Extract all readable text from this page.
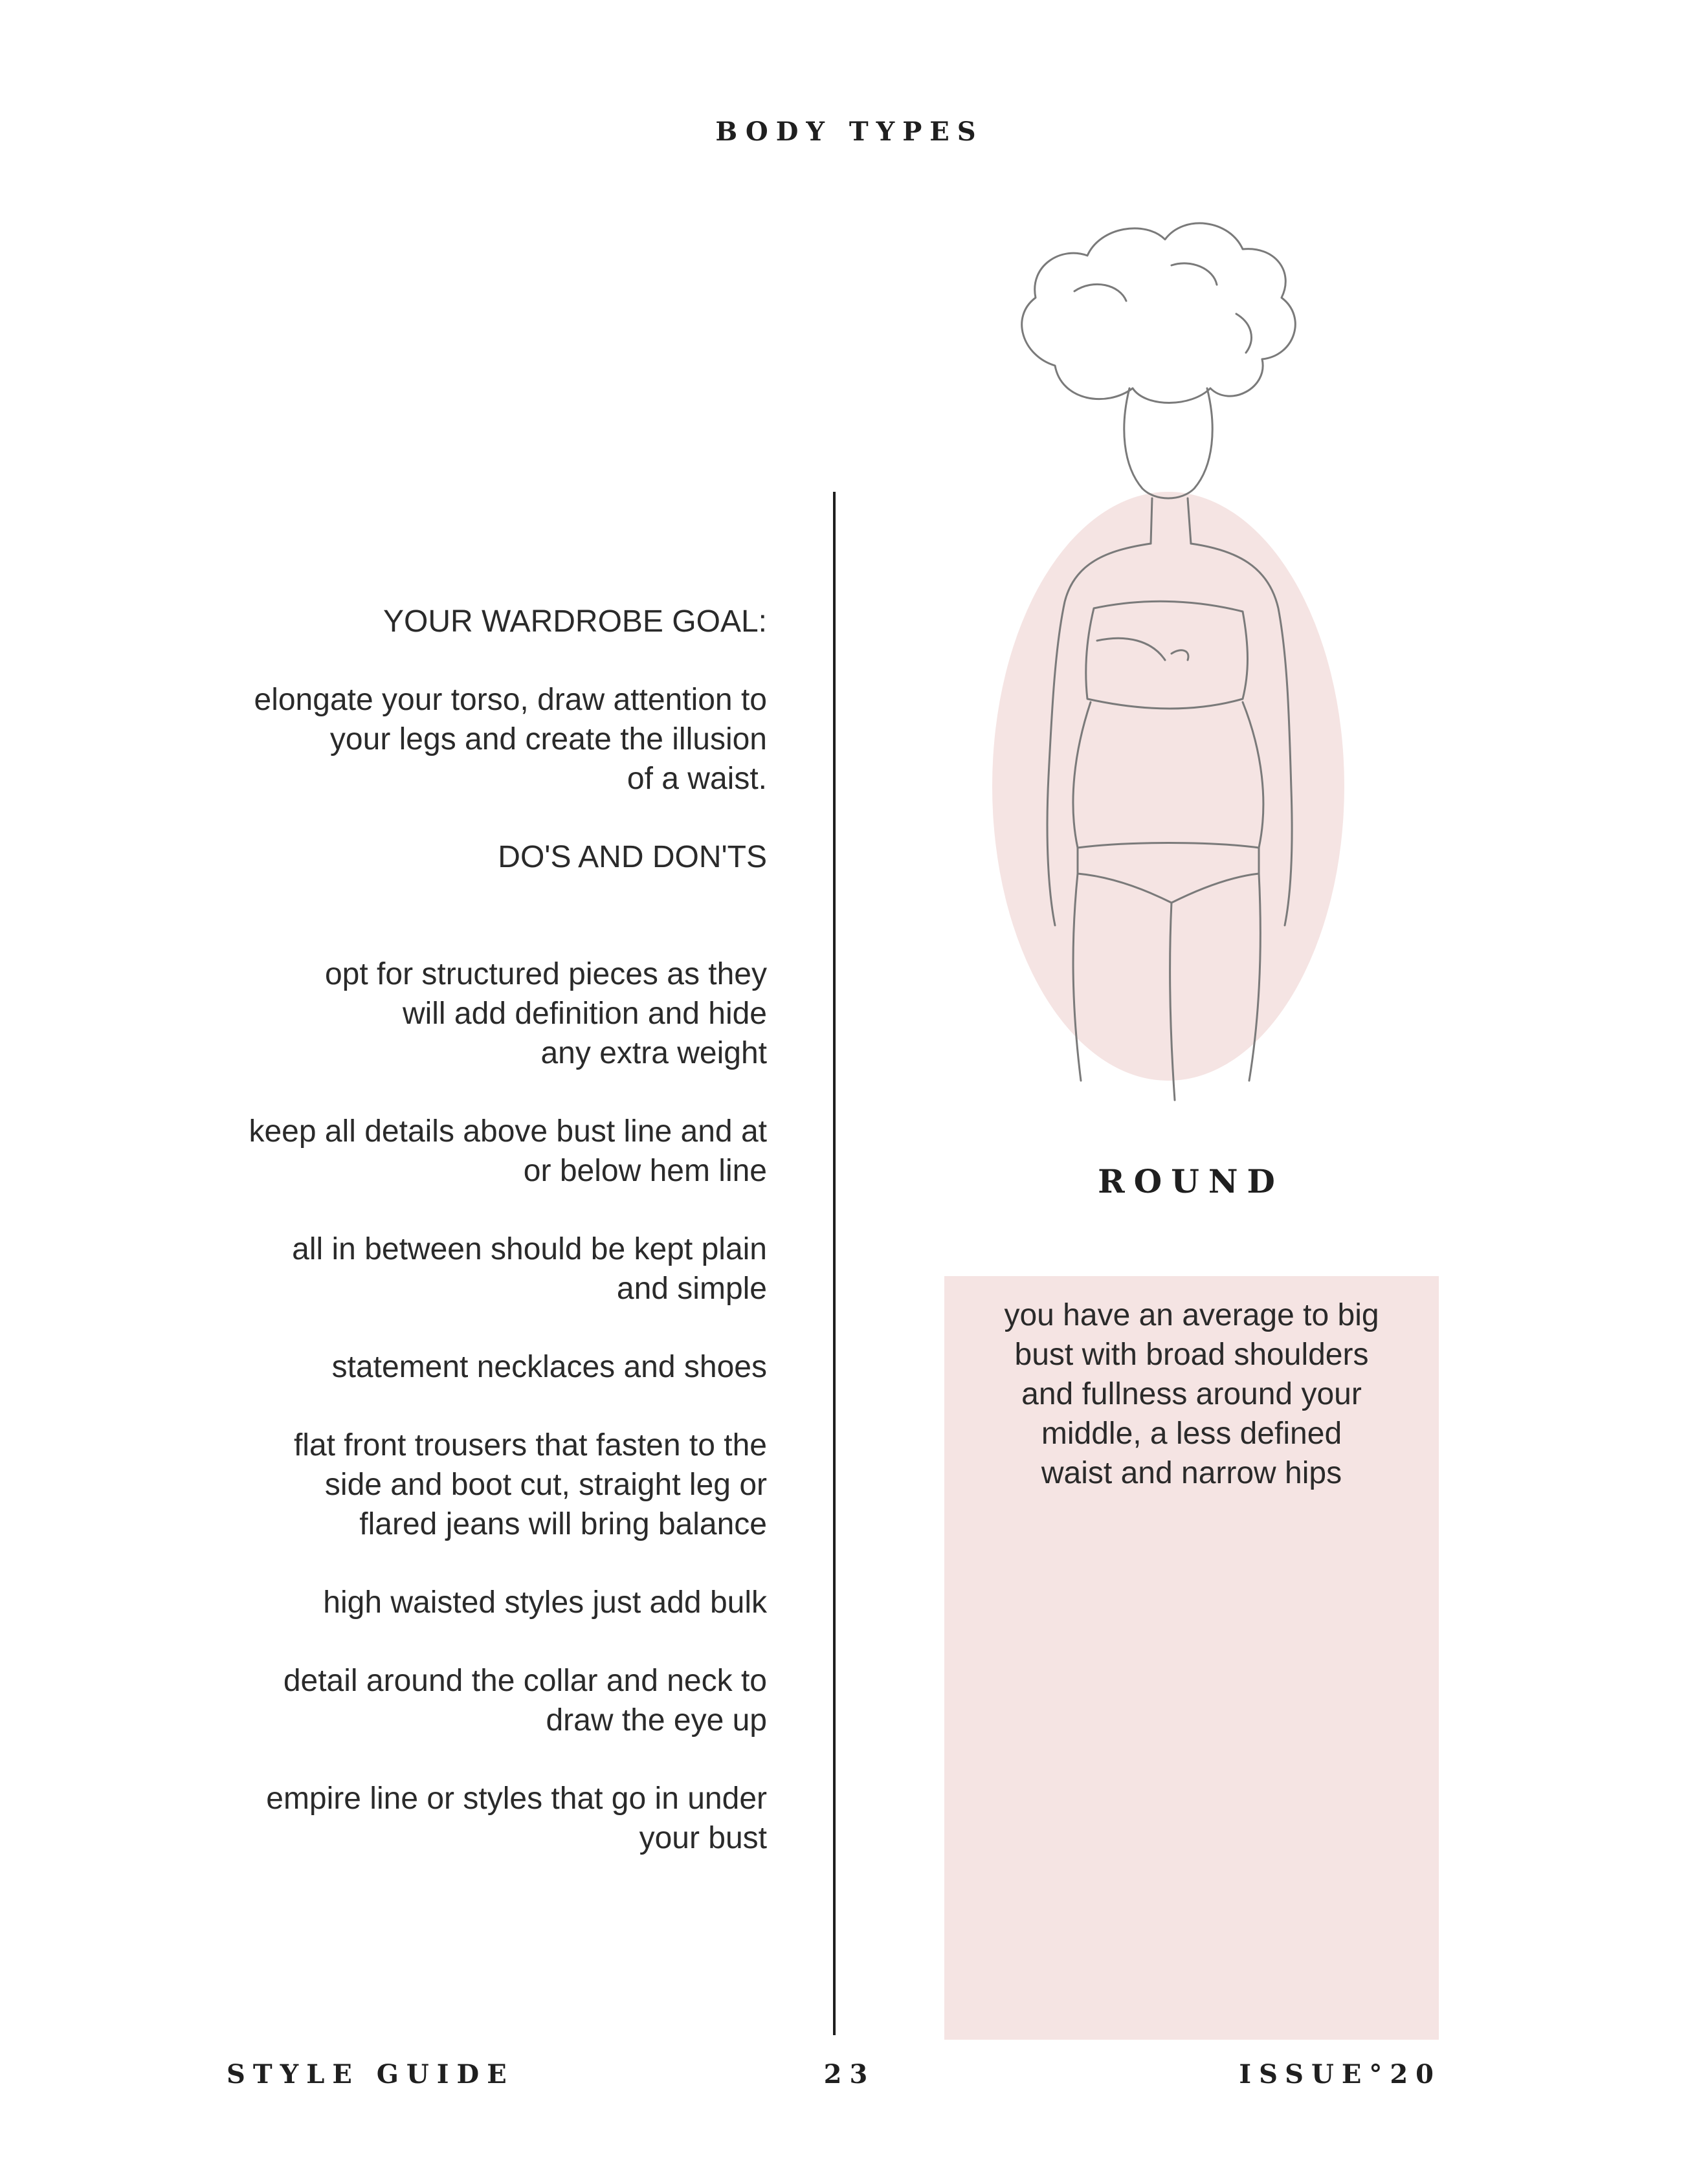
BODY TYPES

YOUR WARDROBE GOAL:

elongate your torso, draw attention to

your legs and create the illusion

of a waist.

DO'S AND DON'TS

opt for structured pieces as they

will add definition and hide

any extra weight

keep all details above bust line and at

or below hem line

all in between should be kept plain

and simple

statement necklaces and shoes

flat front trousers that fasten to the

side and boot cut, straight leg or

flared jeans will bring balance

high waisted styles just add bulk

detail around the collar and neck to

draw the eye up

empire line or styles that go in under

your bust

ROUND
you have an average to big
bust with broad shoulders
and fullness around your
middle, a less defined
waist and narrow hips
STYLE GUIDE	23	ISSUE°20
